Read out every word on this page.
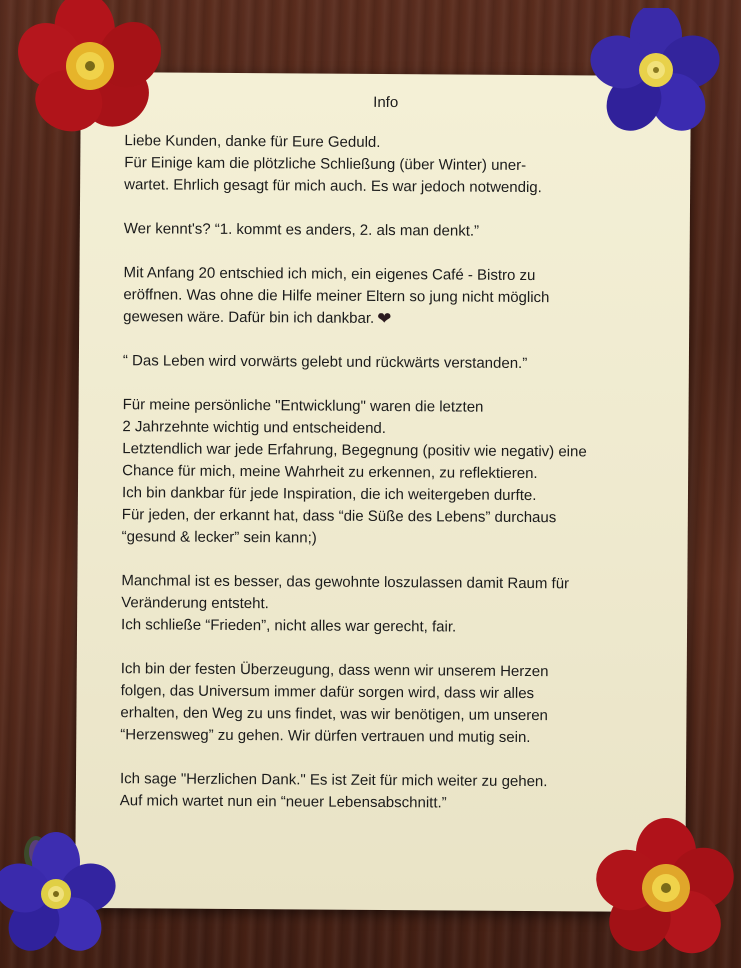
Info

Liebe Kunden, danke für Eure Geduld.
Für Einige kam die plötzliche Schließung (über Winter) uner-
wartet. Ehrlich gesagt für mich auch. Es war jedoch notwendig.

Wer kennt's? “1. kommt es anders, 2. als man denkt.”

Mit Anfang 20 entschied ich mich, ein eigenes Café - Bistro zu
eröffnen. Was ohne die Hilfe meiner Eltern so jung nicht möglich
gewesen wäre. Dafür bin ich dankbar. ❤

“ Das Leben wird vorwärts gelebt und rückwärts verstanden.”

Für meine persönliche "Entwicklung" waren die letzten
2 Jahrzehnte wichtig und entscheidend.
Letztendlich war jede Erfahrung, Begegnung (positiv wie negativ) eine
Chance für mich, meine Wahrheit zu erkennen, zu reflektieren.
Ich bin dankbar für jede Inspiration, die ich weitergeben durfte.
Für jeden, der erkannt hat, dass “die Süße des Lebens” durchaus
“gesund & lecker” sein kann;)

Manchmal ist es besser, das gewohnte loszulassen damit Raum für
Veränderung entsteht.
Ich schließe “Frieden”, nicht alles war gerecht, fair.

Ich bin der festen Überzeugung, dass wenn wir unserem Herzen
folgen, das Universum immer dafür sorgen wird, dass wir alles
erhalten, den Weg zu uns findet, was wir benötigen, um unseren
“Herzensweg” zu gehen. Wir dürfen vertrauen und mutig sein.

Ich sage "Herzlichen Dank." Es ist Zeit für mich weiter zu gehen.
Auf mich wartet nun ein “neuer Lebensabschnitt.”
